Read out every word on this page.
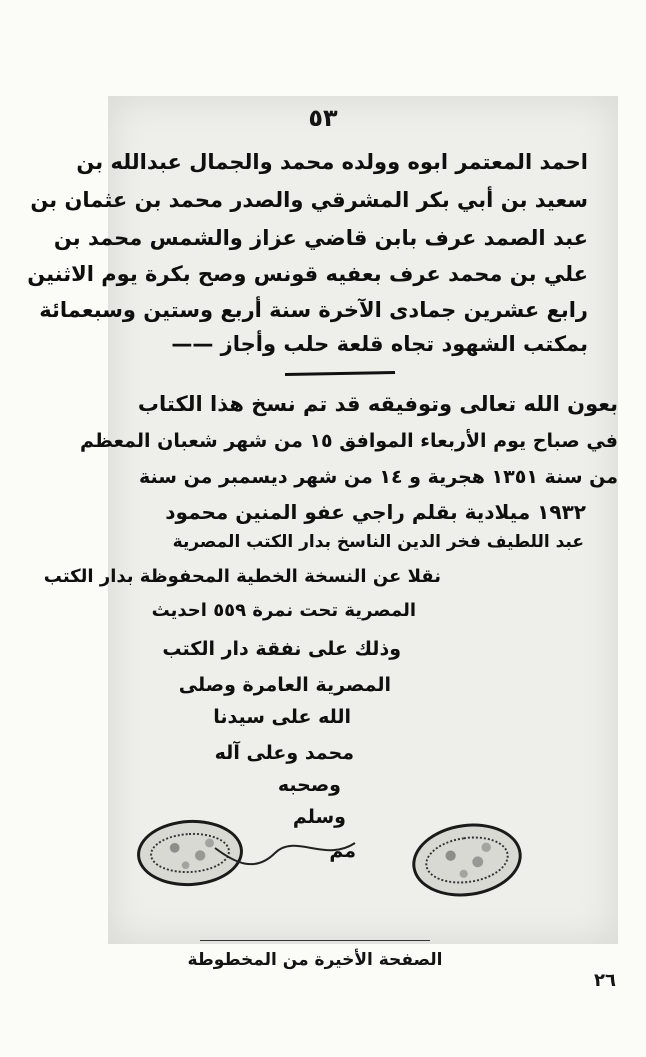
٥٣
احمد المعتمر ابوه وولده محمد والجمال عبدالله بن
سعيد بن أبي بكر المشرقي والصدر محمد بن عثمان بن
عبد الصمد عرف بابن قاضي عزاز والشمس محمد بن
علي بن محمد عرف بعفيه قونس وصح بكرة يوم الاثنين
رابع عشرين جمادى الآخرة سنة أربع وستين وسبعمائة
بمكتب الشهود تجاه قلعة حلب وأجاز ——
بعون الله تعالى وتوفيقه قد تم نسخ هذا الكتاب
في صباح يوم الأربعاء الموافق ١٥ من شهر شعبان المعظم
من سنة ١٣٥١ هجرية و ١٤ من شهر ديسمبر من سنة
١٩٣٢ ميلادية بقلم راجي عفو المنين محمود
عبد اللطيف فخر الدين الناسخ بدار الكتب المصرية
نقلا عن النسخة الخطية المحفوظة بدار الكتب
المصرية تحت نمرة ٥٥٩ احديث
وذلك على نفقة دار الكتب
المصرية العامرة وصلى
الله على سيدنا
محمد وعلى آله
وصحبه
وسلم
مم
الصفحة الأخيرة من المخطوطة
٢٦
